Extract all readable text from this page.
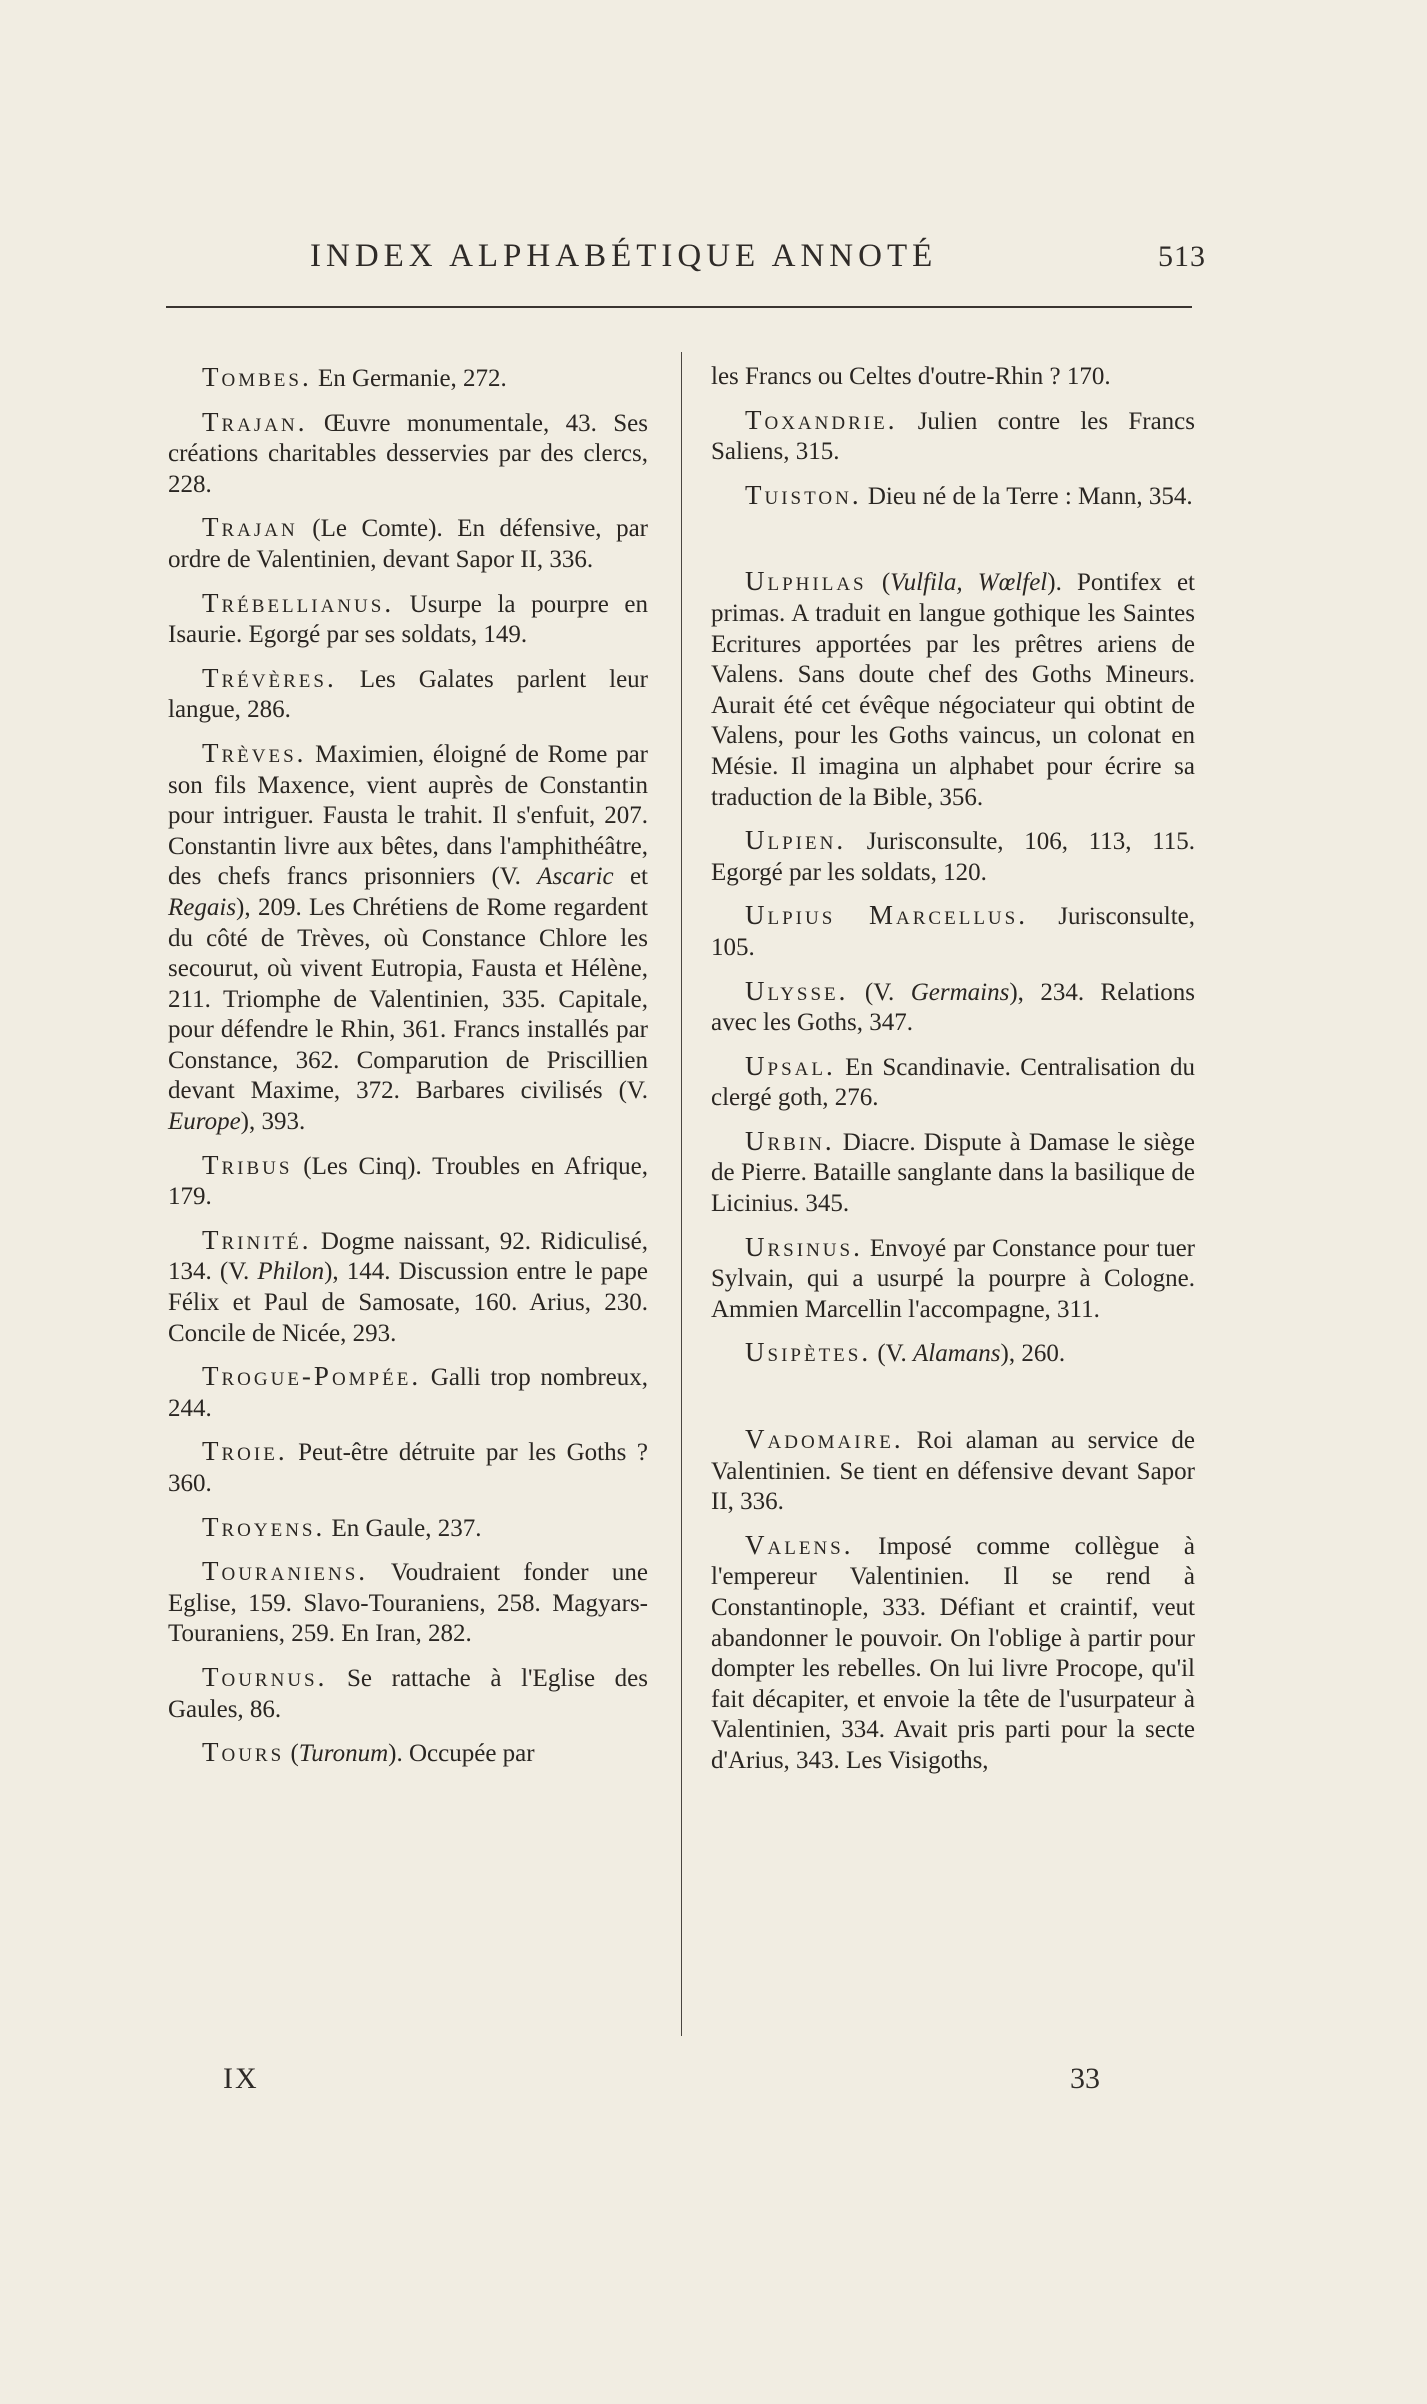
INDEX ALPHABÉTIQUE ANNOTÉ	513

Tombes. En Germanie, 272.

Trajan. Œuvre monumentale, 43. Ses créations charitables desservies par des clercs, 228.

Trajan (Le Comte). En défensive, par ordre de Valentinien, devant Sapor II, 336.

Trébellianus. Usurpe la pourpre en Isaurie. Egorgé par ses soldats, 149.

Trévères. Les Galates parlent leur langue, 286.

Trèves. Maximien, éloigné de Rome par son fils Maxence, vient auprès de Constantin pour intriguer. Fausta le trahit. Il s'enfuit, 207. Constantin livre aux bêtes, dans l'amphithéâtre, des chefs francs prisonniers (V. Ascaric et Regais), 209. Les Chrétiens de Rome regardent du côté de Trèves, où Constance Chlore les secourut, où vivent Eutropia, Fausta et Hélène, 211. Triomphe de Valentinien, 335. Capitale, pour défendre le Rhin, 361. Francs installés par Constance, 362. Comparution de Priscillien devant Maxime, 372. Barbares civilisés (V. Europe), 393.

Tribus (Les Cinq). Troubles en Afrique, 179.

Trinité. Dogme naissant, 92. Ridiculisé, 134. (V. Philon), 144. Discussion entre le pape Félix et Paul de Samosate, 160. Arius, 230. Concile de Nicée, 293.

Trogue-Pompée. Galli trop nombreux, 244.

Troie. Peut-être détruite par les Goths ? 360.

Troyens. En Gaule, 237.

Touraniens. Voudraient fonder une Eglise, 159. Slavo-Touraniens, 258. Magyars-Touraniens, 259. En Iran, 282.

Tournus. Se rattache à l'Eglise des Gaules, 86.

Tours (Turonum). Occupée par

les Francs ou Celtes d'outre-Rhin ? 170.

Toxandrie. Julien contre les Francs Saliens, 315.

Tuiston. Dieu né de la Terre : Mann, 354.

Ulphilas (Vulfila, Wœlfel). Pontifex et primas. A traduit en langue gothique les Saintes Ecritures apportées par les prêtres ariens de Valens. Sans doute chef des Goths Mineurs. Aurait été cet évêque négociateur qui obtint de Valens, pour les Goths vaincus, un colonat en Mésie. Il imagina un alphabet pour écrire sa traduction de la Bible, 356.

Ulpien. Jurisconsulte, 106, 113, 115. Egorgé par les soldats, 120.

Ulpius Marcellus. Jurisconsulte, 105.

Ulysse. (V. Germains), 234. Relations avec les Goths, 347.

Upsal. En Scandinavie. Centralisation du clergé goth, 276.

Urbin. Diacre. Dispute à Damase le siège de Pierre. Bataille sanglante dans la basilique de Licinius. 345.

Ursinus. Envoyé par Constance pour tuer Sylvain, qui a usurpé la pourpre à Cologne. Ammien Marcellin l'accompagne, 311.

Usipètes. (V. Alamans), 260.

Vadomaire. Roi alaman au service de Valentinien. Se tient en défensive devant Sapor II, 336.

Valens. Imposé comme collègue à l'empereur Valentinien. Il se rend à Constantinople, 333. Défiant et craintif, veut abandonner le pouvoir. On l'oblige à partir pour dompter les rebelles. On lui livre Procope, qu'il fait décapiter, et envoie la tête de l'usurpateur à Valentinien, 334. Avait pris parti pour la secte d'Arius, 343. Les Visigoths,

IX	33
